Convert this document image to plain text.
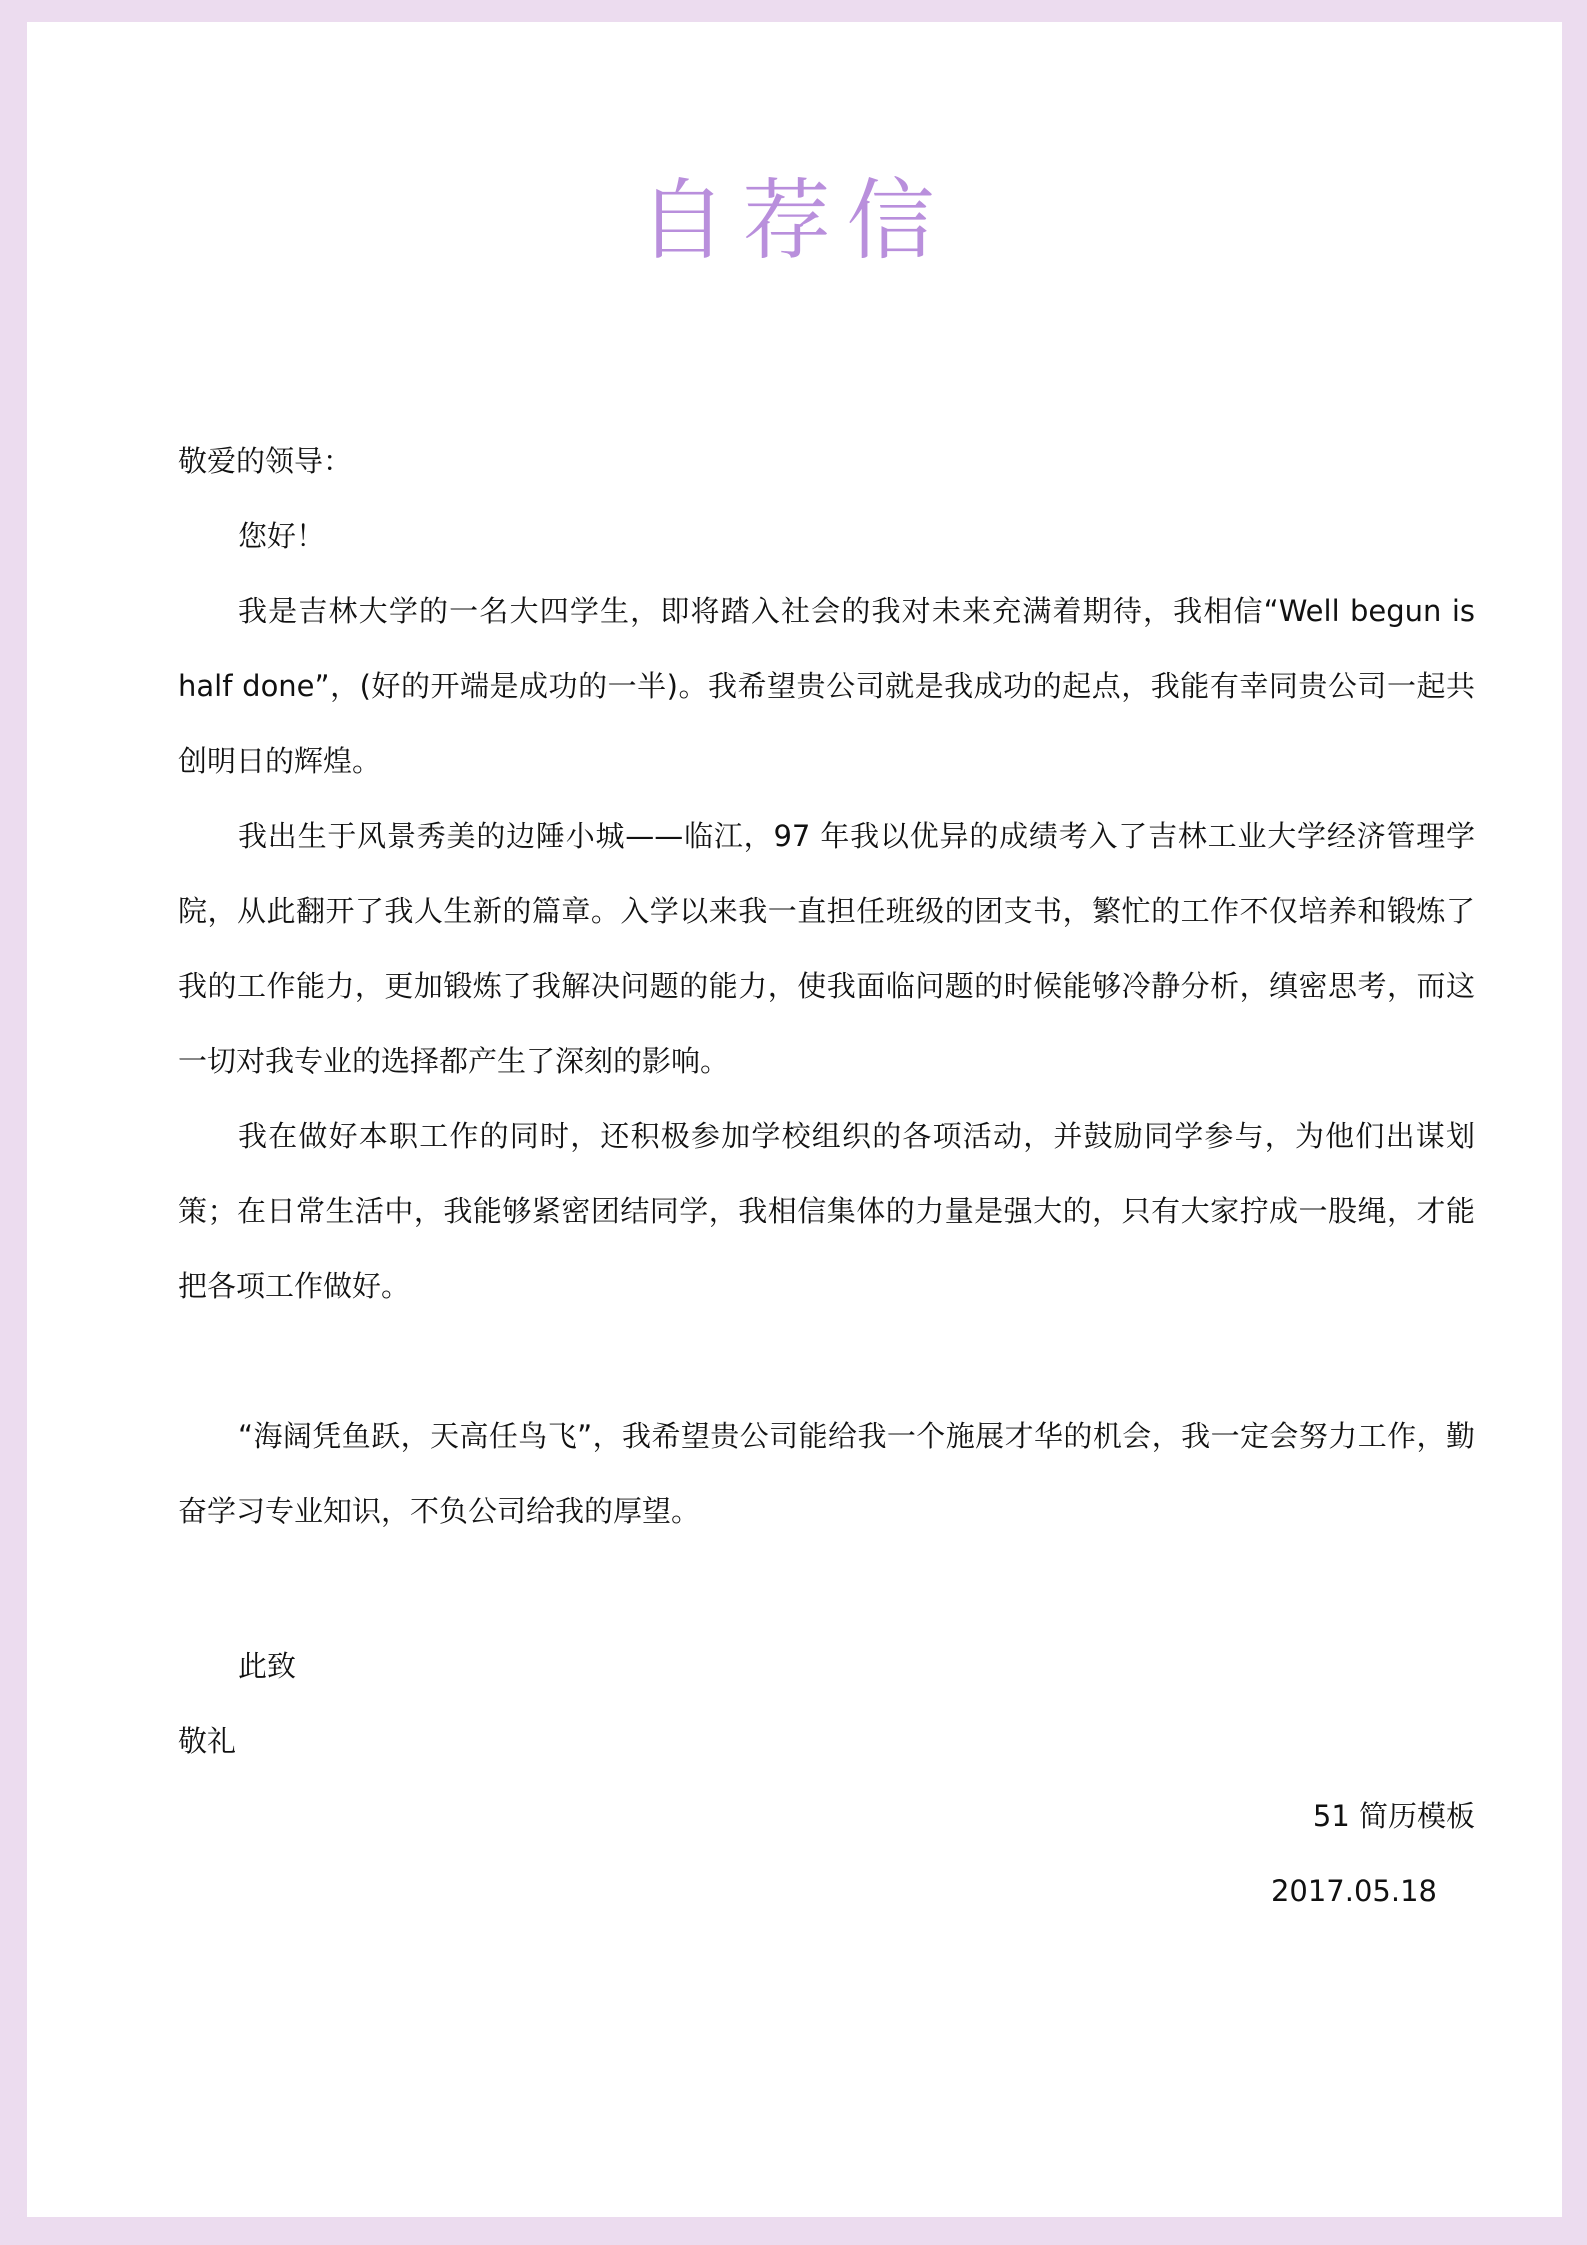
自荐信

敬爱的领导：

您好！

我是吉林大学的一名大四学生，即将踏入社会的我对未来充满着期待，我相信“Well begun is half done”，(好的开端是成功的一半)。我希望贵公司就是我成功的起点，我能有幸同贵公司一起共创明日的辉煌。

我出生于风景秀美的边陲小城——临江，97 年我以优异的成绩考入了吉林工业大学经济管理学院，从此翻开了我人生新的篇章。入学以来我一直担任班级的团支书，繁忙的工作不仅培养和锻炼了我的工作能力，更加锻炼了我解决问题的能力，使我面临问题的时候能够冷静分析，缜密思考，而这一切对我专业的选择都产生了深刻的影响。

我在做好本职工作的同时，还积极参加学校组织的各项活动，并鼓励同学参与，为他们出谋划策；在日常生活中，我能够紧密团结同学，我相信集体的力量是强大的，只有大家拧成一股绳，才能把各项工作做好。

“海阔凭鱼跃，天高任鸟飞”，我希望贵公司能给我一个施展才华的机会，我一定会努力工作，勤奋学习专业知识，不负公司给我的厚望。

此致

敬礼

51 简历模板

2017.05.18
